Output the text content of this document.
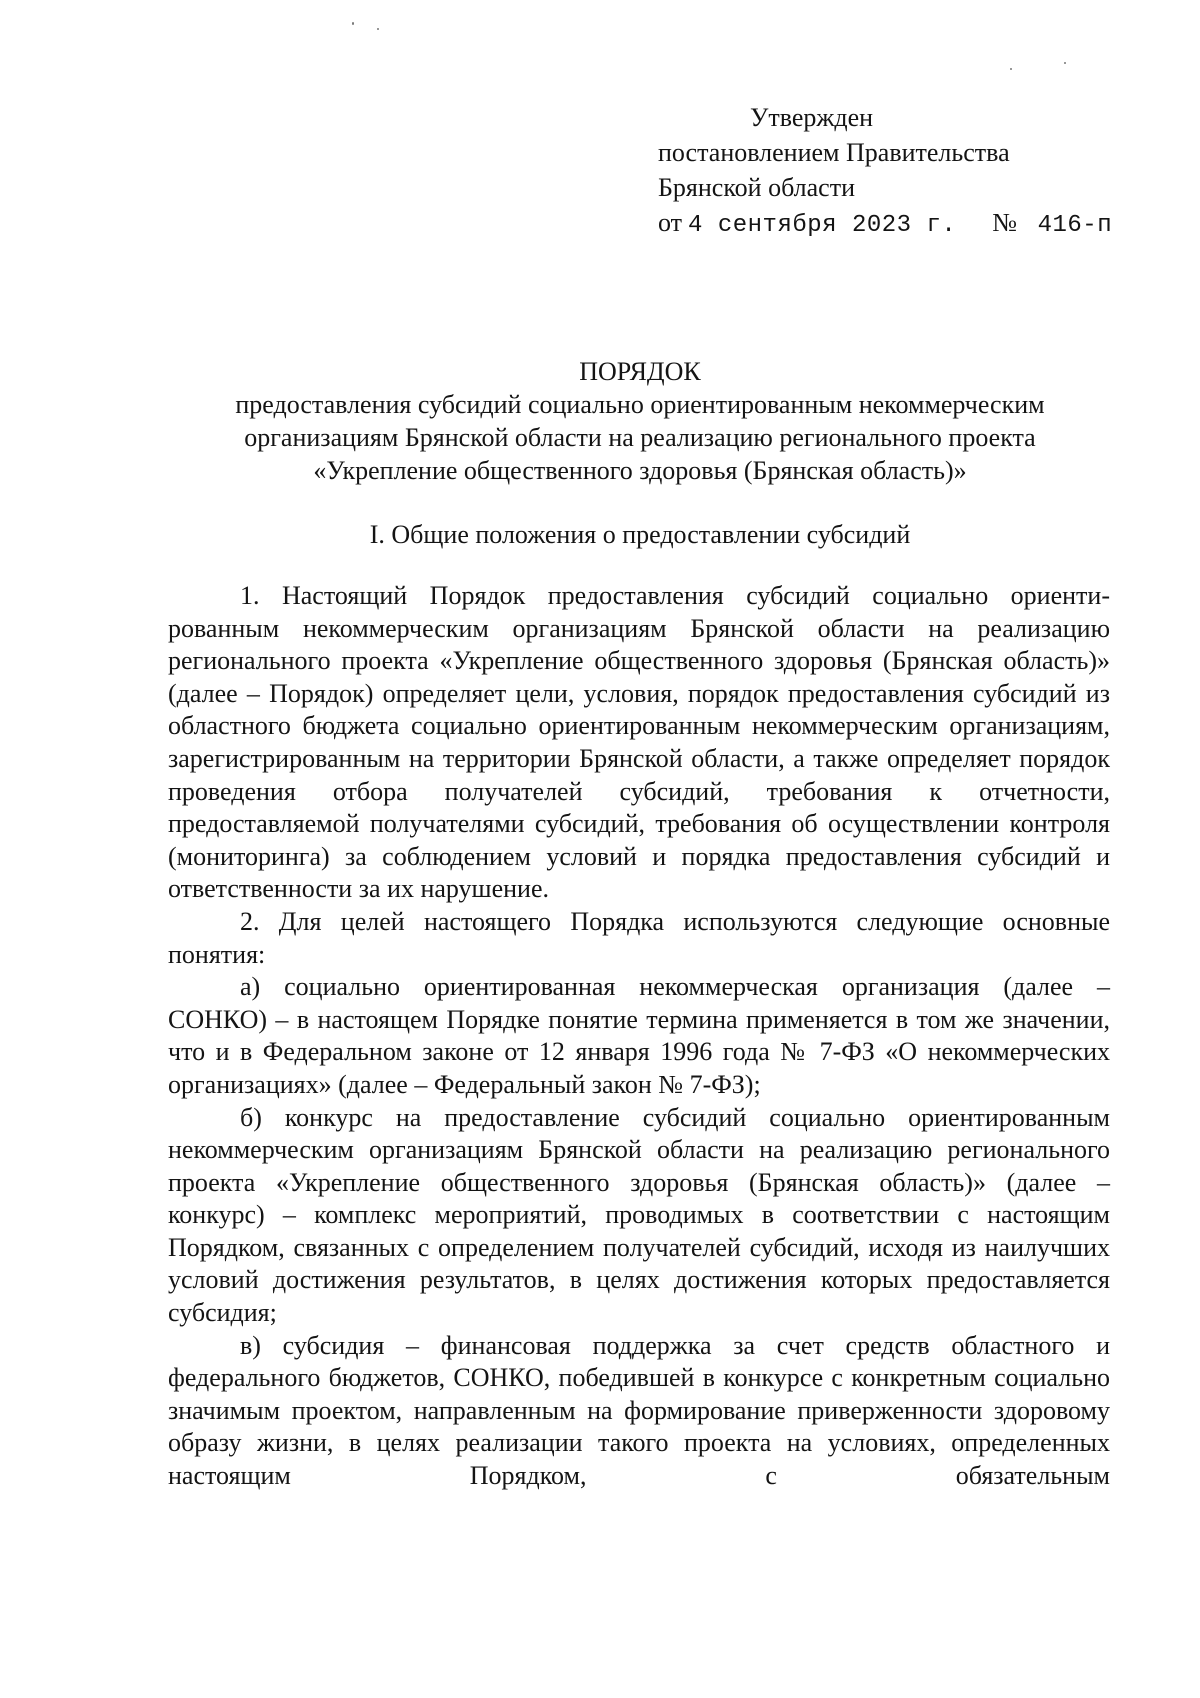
Утвержден
постановлением Правительства
Брянской области
от 4 сентября 2023 г. № 416-п
ПОРЯДОК
предоставления субсидий социально ориентированным некоммерческим
организациям Брянской области на реализацию регионального проекта
«Укрепление общественного здоровья (Брянская область)»
I. Общие положения о предоставлении субсидий

1. Настоящий Порядок предоставления субсидий социально ориентированным некоммерческим организациям Брянской области на реализацию регионального проекта «Укрепление общественного здоровья (Брянская область)» (далее – Порядок) определяет цели, условия, порядок предоставления субсидий из областного бюджета социально ориентированным некоммерческим организациям, зарегистрированным на территории Брянской области, а также определяет порядок проведения отбора получателей субсидий, требования к отчетности, предоставляемой получателями субсидий, требования об осуществлении контроля (мониторинга) за соблюдением условий и порядка предоставления субсидий и ответственности за их нарушение.

2. Для целей настоящего Порядка используются следующие основные понятия:

а) социально ориентированная некоммерческая организация (далее – СОНКО) – в настоящем Порядке понятие термина применяется в том же значении, что и в Федеральном законе от 12 января 1996 года № 7-ФЗ «О некоммерческих организациях» (далее – Федеральный закон № 7-ФЗ);

б) конкурс на предоставление субсидий социально ориентированным некоммерческим организациям Брянской области на реализацию регионального проекта «Укрепление общественного здоровья (Брянская область)» (далее – конкурс) – комплекс мероприятий, проводимых в соответствии с настоящим Порядком, связанных с определением получателей субсидий, исходя из наилучших условий достижения результатов, в целях достижения которых предоставляется субсидия;

в) субсидия – финансовая поддержка за счет средств областного и федерального бюджетов, СОНКО, победившей в конкурсе с конкретным социально значимым проектом, направленным на формирование приверженности здоровому образу жизни, в целях реализации такого проекта на условиях, определенных настоящим Порядком, с обязательным
